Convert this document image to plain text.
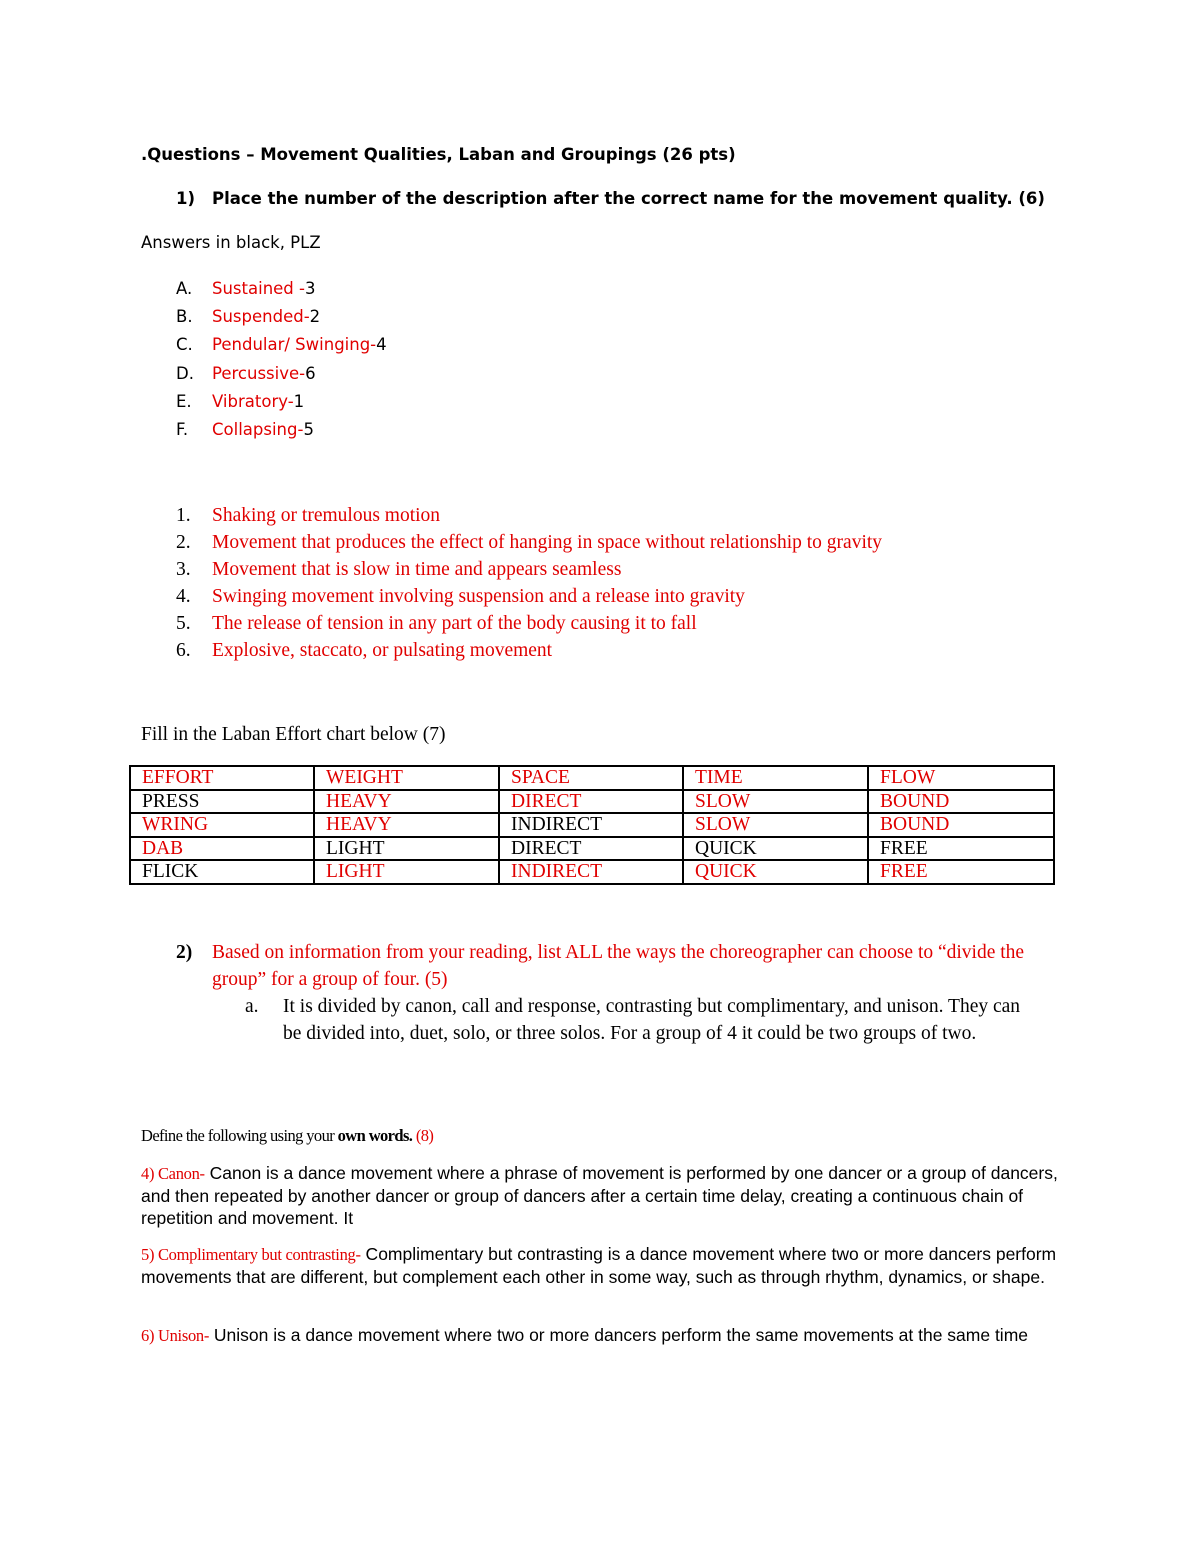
.Questions – Movement Qualities, Laban and Groupings (26 pts)
1) Place the number of the description after the correct name for the movement quality. (6)
Answers in black, PLZ
A. Sustained -3
B. Suspended-2
C. Pendular/ Swinging-4
D. Percussive-6
E. Vibratory-1
F. Collapsing-5
1. Shaking or tremulous motion
2. Movement that produces the effect of hanging in space without relationship to gravity
3. Movement that is slow in time and appears seamless
4. Swinging movement involving suspension and a release into gravity
5. The release of tension in any part of the body causing it to fall
6. Explosive, staccato, or pulsating movement
Fill in the Laban Effort chart below (7)
EFFORT	WEIGHT	SPACE	TIME	FLOW
PRESS	HEAVY	DIRECT	SLOW	BOUND
WRING	HEAVY	INDIRECT	SLOW	BOUND
DAB	LIGHT	DIRECT	QUICK	FREE
FLICK	LIGHT	INDIRECT	QUICK	FREE
2) Based on information from your reading, list ALL the ways the choreographer can choose to “divide the group” for a group of four. (5)
a. It is divided by canon, call and response, contrasting but complimentary, and unison. They can be divided into, duet, solo, or three solos. For a group of 4 it could be two groups of two.
Define the following using your own words. (8)
4) Canon- Canon is a dance movement where a phrase of movement is performed by one dancer or a group of dancers, and then repeated by another dancer or group of dancers after a certain time delay, creating a continuous chain of repetition and movement. It
5) Complimentary but contrasting- Complimentary but contrasting is a dance movement where two or more dancers perform movements that are different, but complement each other in some way, such as through rhythm, dynamics, or shape.
6) Unison- Unison is a dance movement where two or more dancers perform the same movements at the same time
